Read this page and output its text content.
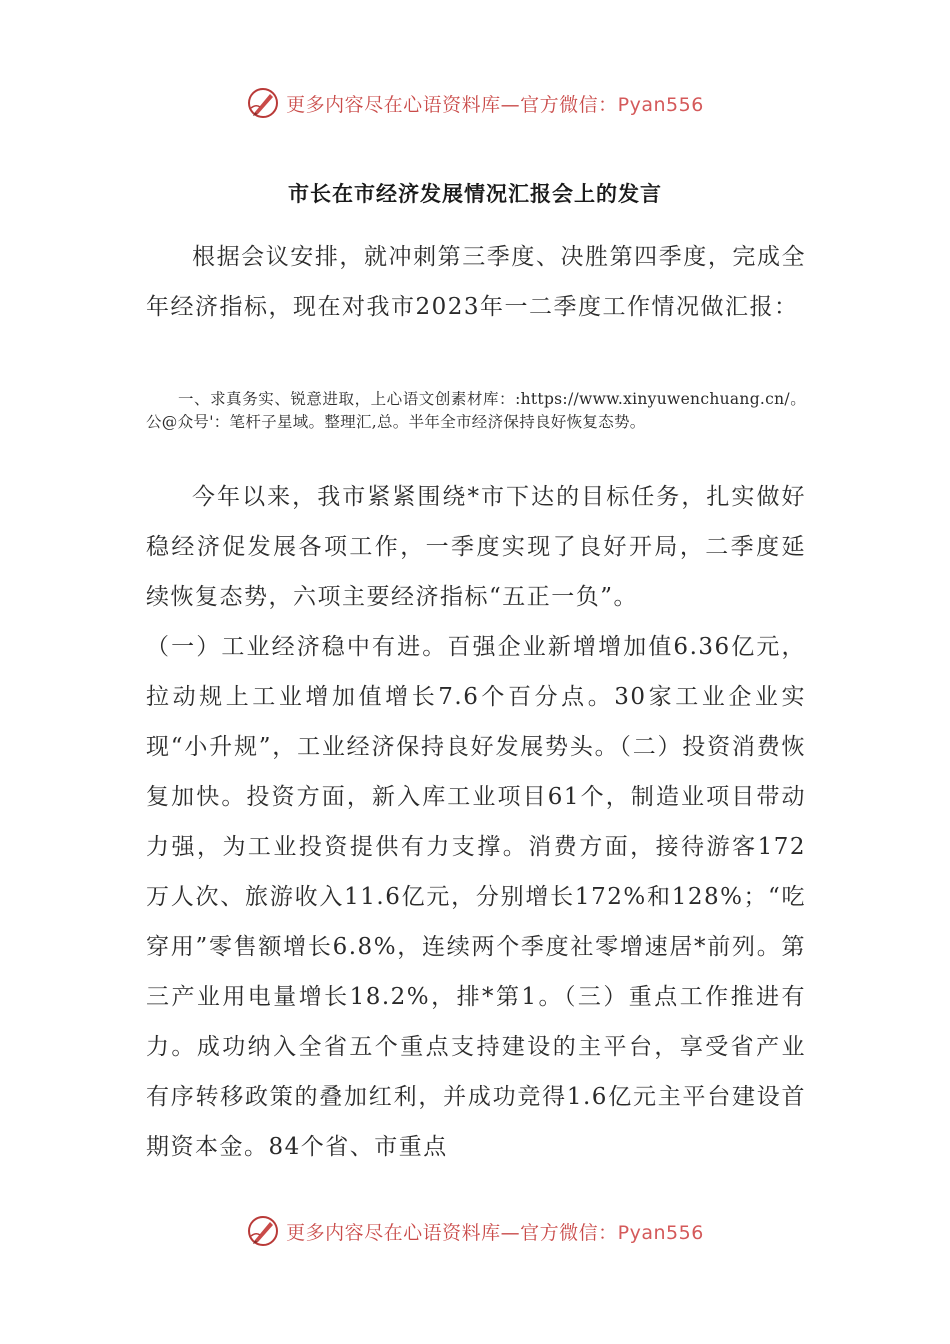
更多内容尽在心语资料库—官方微信：Pyan556
市长在市经济发展情况汇报会上的发言

根据会议安排，就冲刺第三季度、决胜第四季度，完成全年经济指标，现在对我市2023年一二季度工作情况做汇报：

一、求真务实、锐意进取，上心语文创素材库：:https://www.xinyuwenchuang.cn/。公@众号'：笔杆子星域。整理汇,总。半年全市经济保持良好恢复态势。

今年以来，我市紧紧围绕*市下达的目标任务，扎实做好稳经济促发展各项工作，一季度实现了良好开局，二季度延续恢复态势，六项主要经济指标“五正一负”。

（一）工业经济稳中有进。百强企业新增增加值6.36亿元，拉动规上工业增加值增长7.6个百分点。30家工业企业实现“小升规”，工业经济保持良好发展势头。（二）投资消费恢复加快。投资方面，新入库工业项目61个，制造业项目带动力强，为工业投资提供有力支撑。消费方面，接待游客172万人次、旅游收入11.6亿元，分别增长172%和128%；“吃穿用”零售额增长6.8%，连续两个季度社零增速居*前列。第三产业用电量增长18.2%，排*第1。（三）重点工作推进有力。成功纳入全省五个重点支持建设的主平台，享受省产业有序转移政策的叠加红利，并成功竞得1.6亿元主平台建设首期资本金。84个省、市重点

更多内容尽在心语资料库—官方微信：Pyan556
